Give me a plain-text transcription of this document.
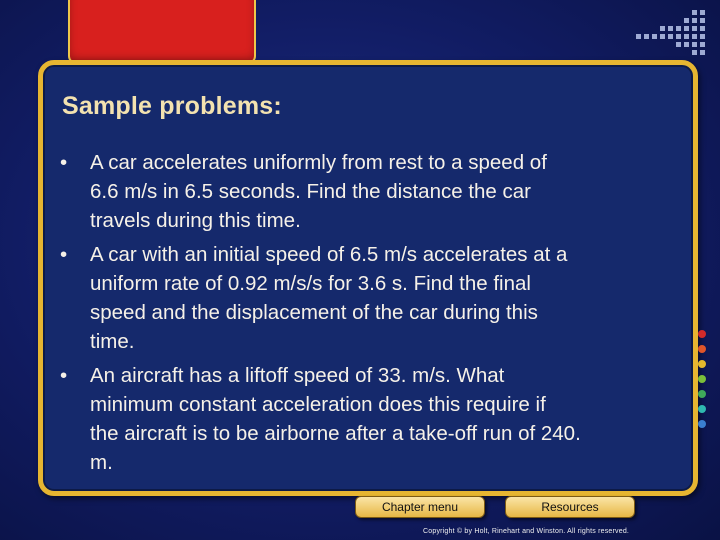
Sample problems:
• A car accelerates uniformly from rest to a speed of
6.6 m/s in 6.5 seconds. Find the distance the car
travels during this time.
• A car with an initial speed of 6.5 m/s accelerates at a
uniform rate of 0.92 m/s/s for 3.6 s. Find the final
speed and the displacement of the car during this
time.
• An aircraft has a liftoff speed of 33. m/s. What
minimum constant acceleration does this require if
the aircraft is to be airborne after a take-off run of 240.
m.
Chapter menu	Resources
Copyright © by Holt, Rinehart and Winston. All rights reserved.
